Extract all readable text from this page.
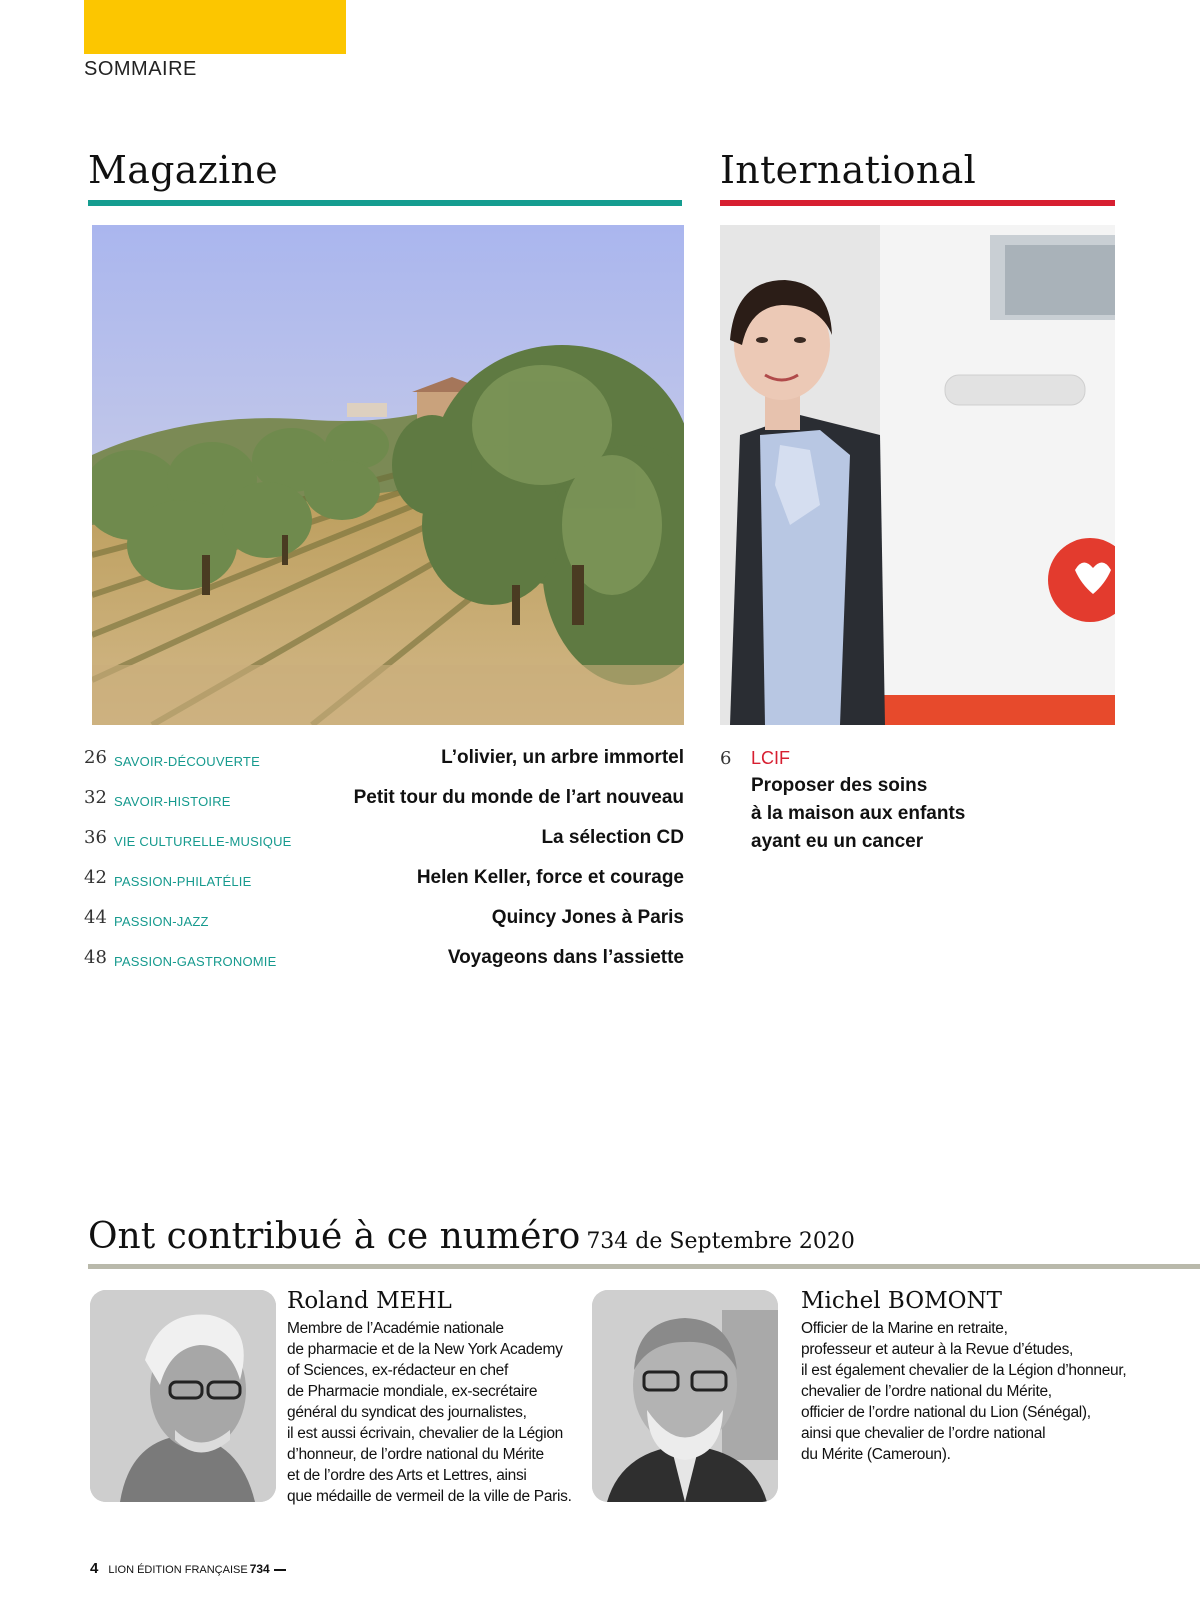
SOMMAIRE
Magazine	International
26 SAVOIR-DÉCOUVERTE	L’olivier, un arbre immortel
32 SAVOIR-HISTOIRE	Petit tour du monde de l’art nouveau
36 VIE CULTURELLE-MUSIQUE	La sélection CD
42 PASSION-PHILATÉLIE	Helen Keller, force et courage
44 PASSION-JAZZ	Quincy Jones à Paris
48 PASSION-GASTRONOMIE	Voyageons dans l’assiette
6 LCIF
Proposer des soins
à la maison aux enfants
ayant eu un cancer
Ont contribué à ce numéro 734 de Septembre 2020
Roland MEHL
Membre de l’Académie nationale
de pharmacie et de la New York Academy
of Sciences, ex-rédacteur en chef
de Pharmacie mondiale, ex-secrétaire
général du syndicat des journalistes,
il est aussi écrivain, chevalier de la Légion
d’honneur, de l’ordre national du Mérite
et de l’ordre des Arts et Lettres, ainsi
que médaille de vermeil de la ville de Paris.
Michel BOMONT
Officier de la Marine en retraite,
professeur et auteur à la Revue d’études,
il est également chevalier de la Légion d’honneur,
chevalier de l’ordre national du Mérite,
officier de l’ordre national du Lion (Sénégal),
ainsi que chevalier de l’ordre national
du Mérite (Cameroun).
4 LION ÉDITION FRANÇAISE 734
